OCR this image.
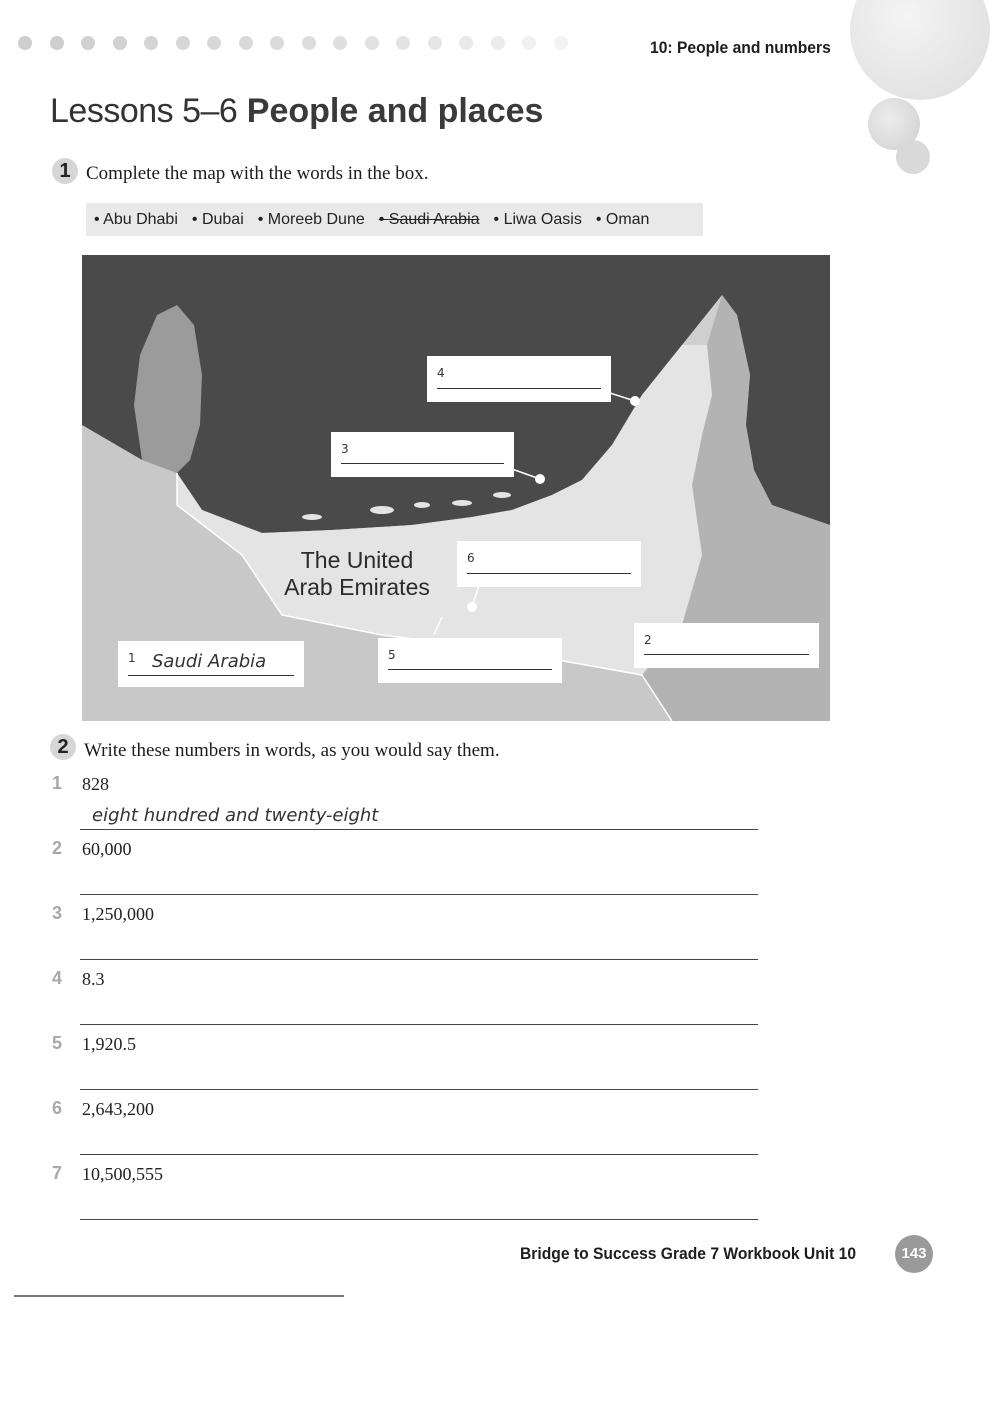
10: People and numbers
Lessons 5–6 People and places
1 Complete the map with the words in the box.
• Abu Dhabi • Dubai • Moreeb Dune • Saudi Arabia • Liwa Oasis • Oman
The United
Arab Emirates
4
3
6
1 Saudi Arabia	5
2
2 Write these numbers in words, as you would say them.
1 828
eight hundred and twenty-eight
2 60,000
3 1,250,000
4 8.3
5 1,920.5
6 2,643,200
7 10,500,555
Bridge to Success Grade 7 Workbook Unit 10	143
